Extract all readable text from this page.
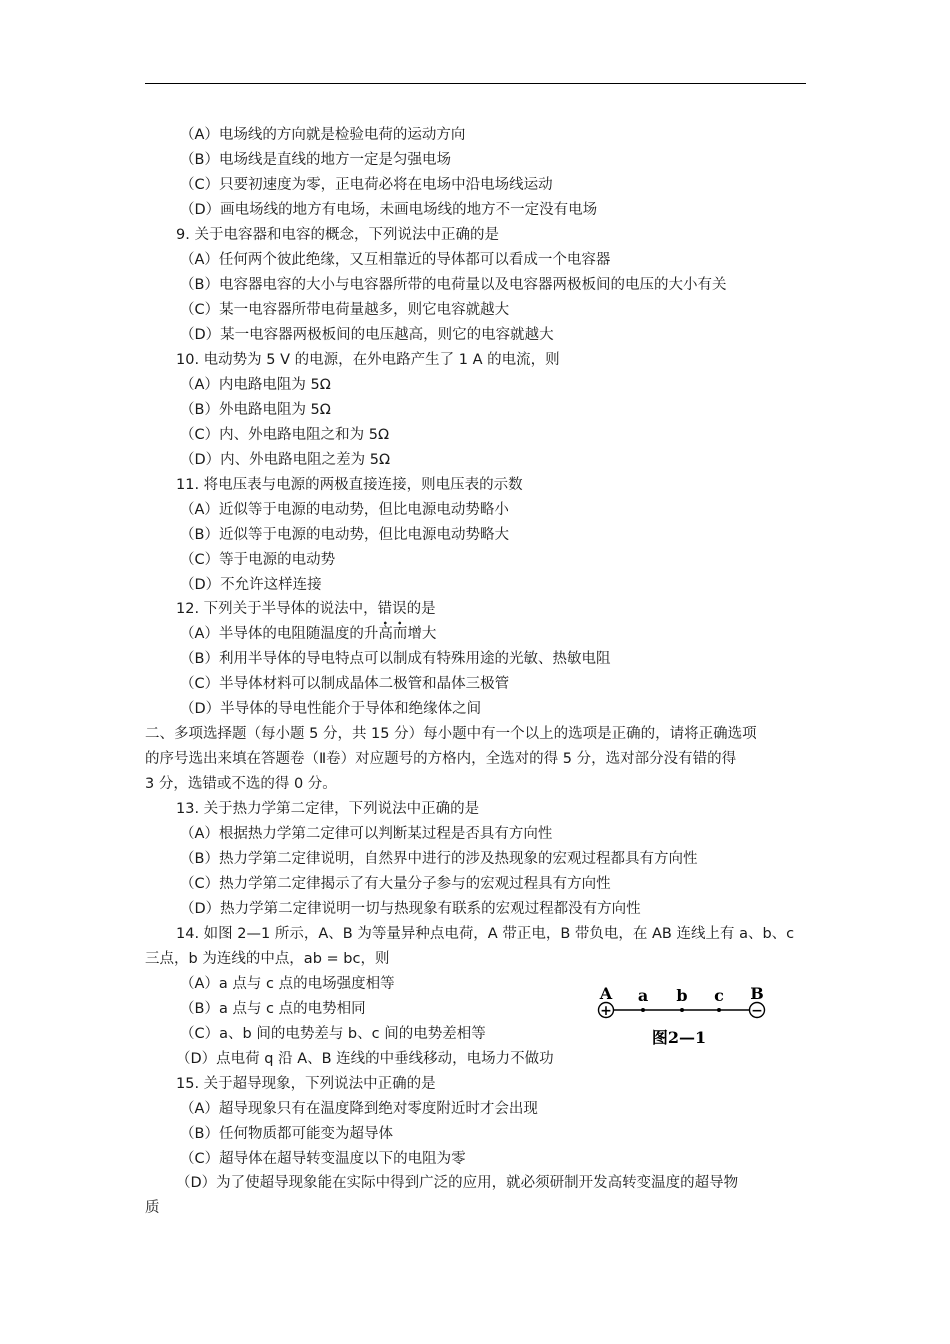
（A）电场线的方向就是检验电荷的运动方向
（B）电场线是直线的地方一定是匀强电场
（C）只要初速度为零，正电荷必将在电场中沿电场线运动
（D）画电场线的地方有电场，未画电场线的地方不一定没有电场
9. 关于电容器和电容的概念，下列说法中正确的是
（A）任何两个彼此绝缘，又互相靠近的导体都可以看成一个电容器
（B）电容器电容的大小与电容器所带的电荷量以及电容器两极板间的电压的大小有关
（C）某一电容器所带电荷量越多，则它电容就越大
（D）某一电容器两极板间的电压越高，则它的电容就越大
10. 电动势为 5 V 的电源，在外电路产生了 1 A 的电流，则
（A）内电路电阻为 5Ω
（B）外电路电阻为 5Ω
（C）内、外电路电阻之和为 5Ω
（D）内、外电路电阻之差为 5Ω
11. 将电压表与电源的两极直接连接，则电压表的示数
（A）近似等于电源的电动势，但比电源电动势略小
（B）近似等于电源的电动势，但比电源电动势略大
（C）等于电源的电动势
（D）不允许这样连接
12. 下列关于半导体的说法中，错误的是
（A）半导体的电阻随温度的升高而增大
（B）利用半导体的导电特点可以制成有特殊用途的光敏、热敏电阻
（C）半导体材料可以制成晶体二极管和晶体三极管
（D）半导体的导电性能介于导体和绝缘体之间
二、多项选择题（每小题 5 分，共 15 分）每小题中有一个以上的选项是正确的，请将正确选项
的序号选出来填在答题卷（Ⅱ卷）对应题号的方格内，全选对的得 5 分，选对部分没有错的得
3 分，选错或不选的得 0 分。
13. 关于热力学第二定律，下列说法中正确的是
（A）根据热力学第二定律可以判断某过程是否具有方向性
（B）热力学第二定律说明，自然界中进行的涉及热现象的宏观过程都具有方向性
（C）热力学第二定律揭示了有大量分子参与的宏观过程具有方向性
（D）热力学第二定律说明一切与热现象有联系的宏观过程都没有方向性
14. 如图 2—1 所示，A、B 为等量异种点电荷，A 带正电，B 带负电，在 AB 连线上有 a、b、c
三点，b 为连线的中点，ab = bc，则
（A）a 点与 c 点的电场强度相等
（B）a 点与 c 点的电势相同
（C）a、b 间的电势差与 b、c 间的电势差相等
（D）点电荷 q 沿 A、B 连线的中垂线移动，电场力不做功
15. 关于超导现象，下列说法中正确的是
（A）超导现象只有在温度降到绝对零度附近时才会出现
（B）任何物质都可能变为超导体
（C）超导体在超导转变温度以下的电阻为零
（D）为了使超导现象能在实际中得到广泛的应用，就必须研制开发高转变温度的超导物
质
+	−
A a b c B
图2—1
